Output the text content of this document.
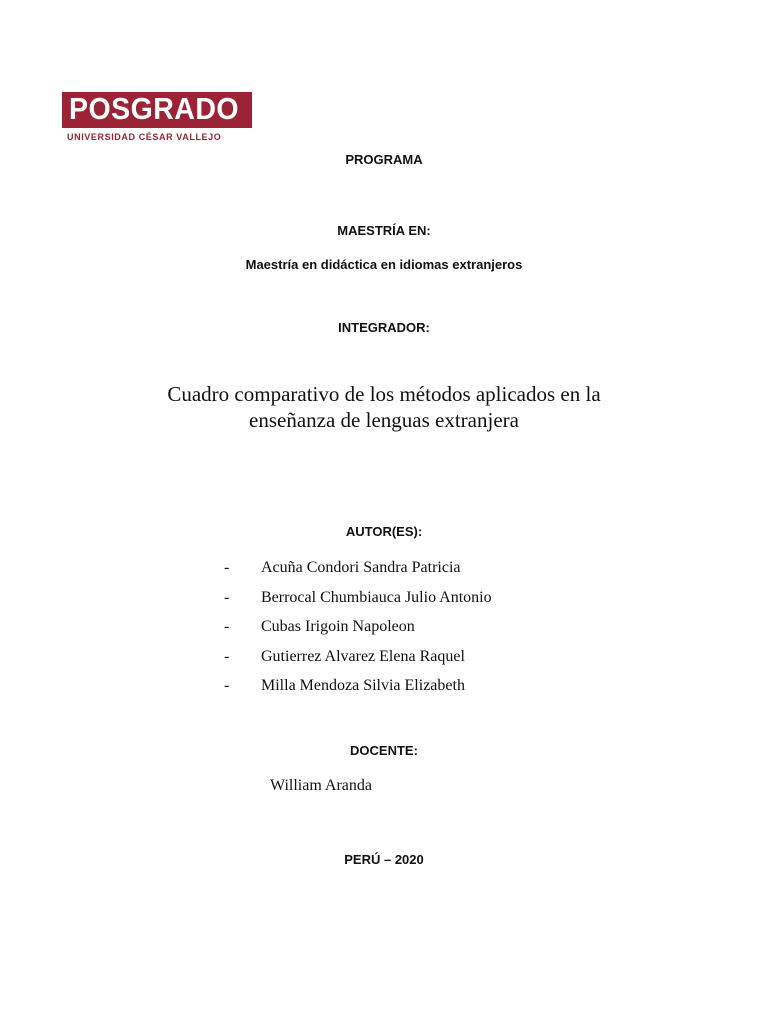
POSGRADO
UNIVERSIDAD CÉSAR VALLEJO
PROGRAMA
MAESTRÍA EN:
Maestría en didáctica en idiomas extranjeros
INTEGRADOR:
Cuadro comparativo de los métodos aplicados en la
enseñanza de lenguas extranjera
AUTOR(ES):
- Acuña Condori Sandra Patricia
- Berrocal Chumbiauca Julio Antonio
- Cubas Irigoin Napoleon
- Gutierrez Alvarez Elena Raquel
- Milla Mendoza Silvia Elizabeth
DOCENTE:
William Aranda
PERÚ – 2020
